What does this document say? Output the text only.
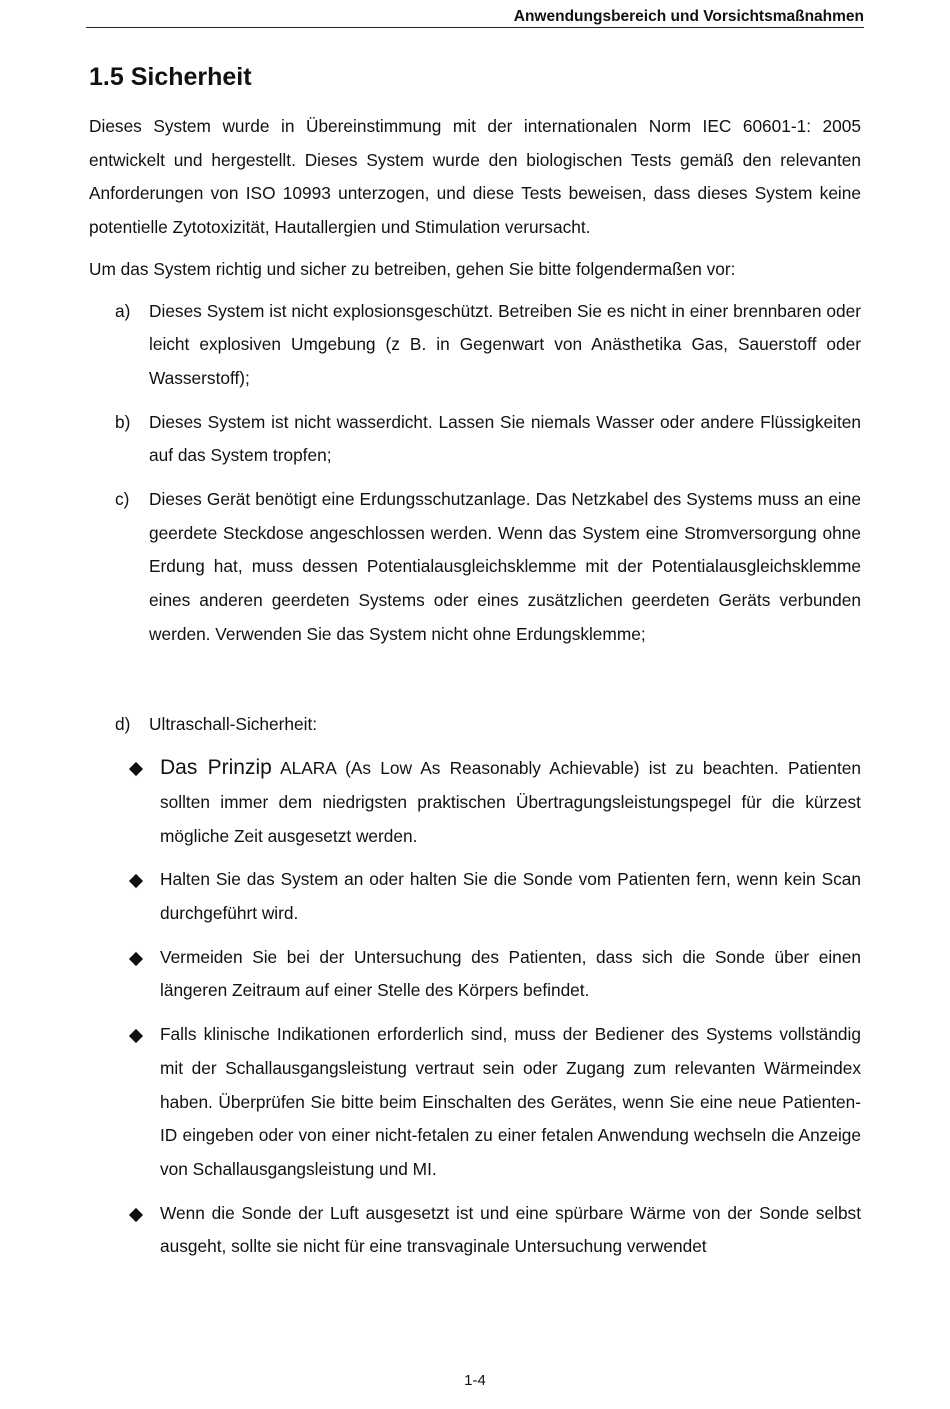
Anwendungsbereich und Vorsichtsmaßnahmen
1.5 Sicherheit

Dieses System wurde in Übereinstimmung mit der internationalen Norm IEC 60601-1: 2005 entwickelt und hergestellt. Dieses System wurde den biologischen Tests gemäß den relevanten Anforderungen von ISO 10993 unterzogen, und diese Tests beweisen, dass dieses System keine potentielle Zytotoxizität, Hautallergien und Stimulation verursacht.

Um das System richtig und sicher zu betreiben, gehen Sie bitte folgendermaßen vor:

a) Dieses System ist nicht explosionsgeschützt. Betreiben Sie es nicht in einer brennbaren oder leicht explosiven Umgebung (z B. in Gegenwart von Anästhetika Gas, Sauerstoff oder Wasserstoff);
b) Dieses System ist nicht wasserdicht. Lassen Sie niemals Wasser oder andere Flüssigkeiten auf das System tropfen;
c) Dieses Gerät benötigt eine Erdungsschutzanlage. Das Netzkabel des Systems muss an eine geerdete Steckdose angeschlossen werden. Wenn das System eine Stromversorgung ohne Erdung hat, muss dessen Potentialausgleichsklemme mit der Potentialausgleichsklemme eines anderen geerdeten Systems oder eines zusätzlichen geerdeten Geräts verbunden werden. Verwenden Sie das System nicht ohne Erdungsklemme;
d) Ultraschall-Sicherheit:
Das Prinzip ALARA (As Low As Reasonably Achievable) ist zu beachten. Patienten sollten immer dem niedrigsten praktischen Übertragungsleistungspegel für die kürzest mögliche Zeit ausgesetzt werden.
Halten Sie das System an oder halten Sie die Sonde vom Patienten fern, wenn kein Scan durchgeführt wird.
Vermeiden Sie bei der Untersuchung des Patienten, dass sich die Sonde über einen längeren Zeitraum auf einer Stelle des Körpers befindet.
Falls klinische Indikationen erforderlich sind, muss der Bediener des Systems vollständig mit der Schallausgangsleistung vertraut sein oder Zugang zum relevanten Wärmeindex haben. Überprüfen Sie bitte beim Einschalten des Gerätes, wenn Sie eine neue Patienten-ID eingeben oder von einer nicht-fetalen zu einer fetalen Anwendung wechseln die Anzeige von Schallausgangsleistung und MI.
Wenn die Sonde der Luft ausgesetzt ist und eine spürbare Wärme von der Sonde selbst ausgeht, sollte sie nicht für eine transvaginale Untersuchung verwendet
1-4
